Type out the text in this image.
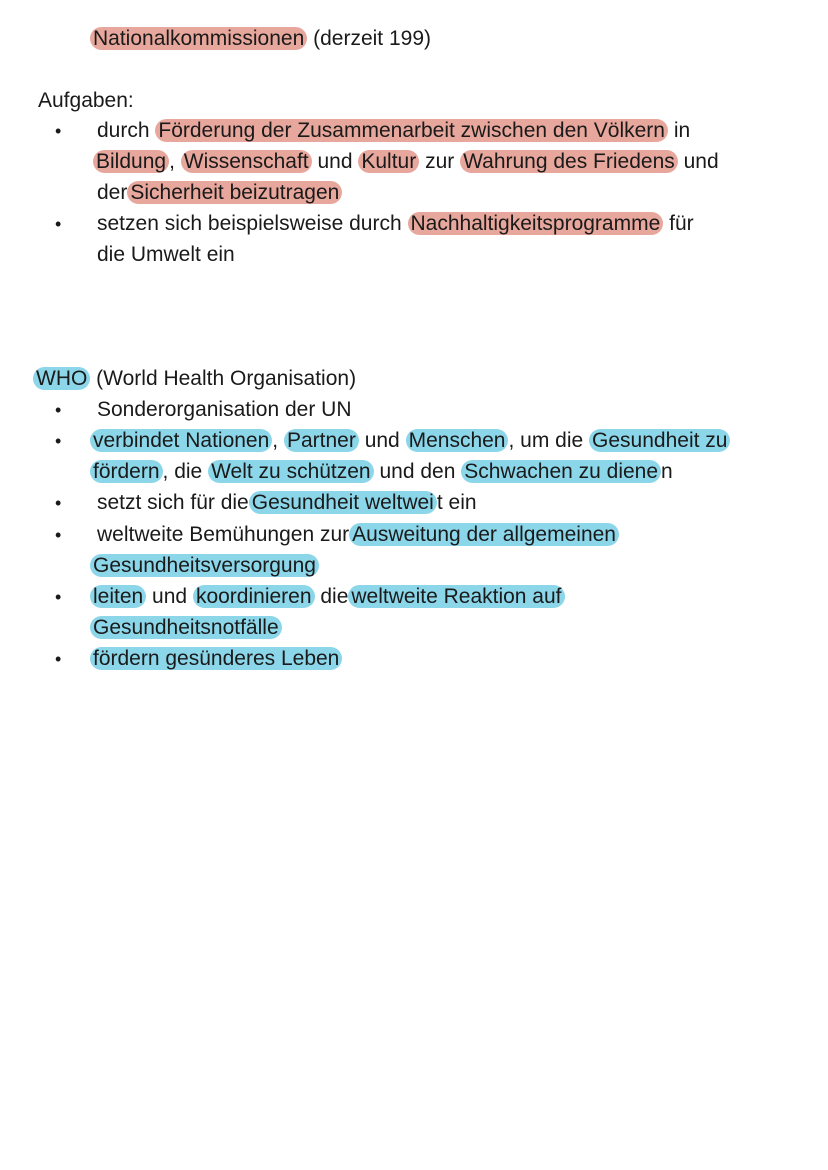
Nationalkommissionen (derzeit 199)
Aufgaben:
• durch Förderung der Zusammenarbeit zwischen den Völkern in
Bildung , Wissenschaft und Kultur zur Wahrung des Friedens und
der Sicherheit beizutragen
• setzen sich beispielsweise durch Nachhaltigkeitsprogramme für
die Umwelt ein
WHO (World Health Organisation)
• Sonderorganisation der UN
• verbindet Nationen , Partner und Menschen , um die Gesundheit zu
fördern , die Welt zu schützen und den Schwachen zu diene n
• setzt sich für die Gesundheit weltwei t ein
• weltweite Bemühungen zur Ausweitung der allgemeinen
Gesundheitsversorgung
• leiten und koordinieren die weltweite Reaktion auf
Gesundheitsnotfälle
• fördern gesünderes Leben
